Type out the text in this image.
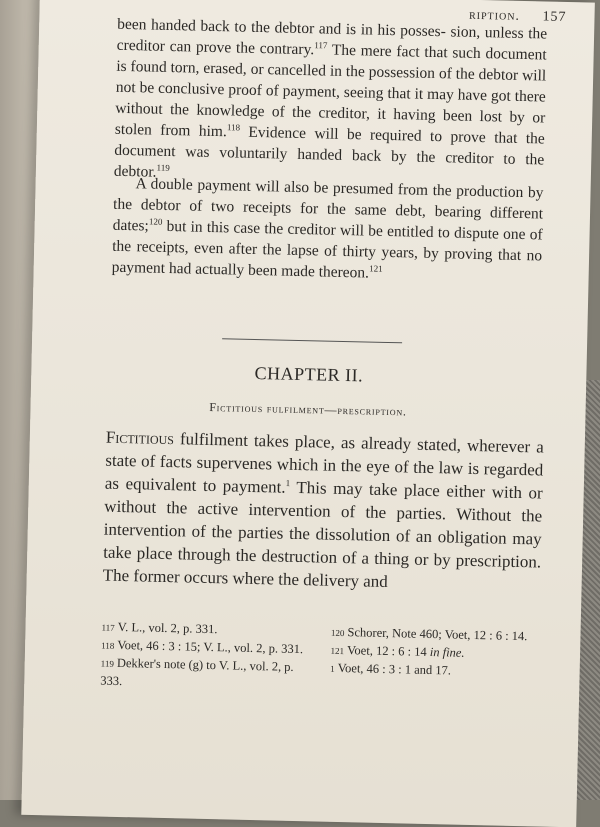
ription. 157
been handed back to the debtor and is in his posses- sion, unless the creditor can prove the contrary.$^{117}$ The mere fact that such document is found torn, erased, or cancelled in the possession of the debtor will not be conclusive proof of payment, seeing that it may have got there without the knowledge of the creditor, it having been lost by or stolen from him.$^{118}$ Evidence will be required to prove that the document was voluntarily handed back by the creditor to the debtor.$^{119}$
A double payment will also be presumed from the production by the debtor of two receipts for the same debt, bearing different dates;$^{120}$ but in this case the creditor will be entitled to dispute one of the receipts, even after the lapse of thirty years, by proving that no payment had actually been made thereon.$^{121}$
CHAPTER II.
Fictitious fulfilment—prescription.
Fictitious fulfilment takes place, as already stated, wherever a state of facts supervenes which in the eye of the law is regarded as equivalent to payment.$^1$ This may take place either with or without the active intervention of the parties. Without the intervention of the parties the dissolution of an obligation may take place through the destruction of a thing or by prescription. The former occurs where the delivery and
117 V. L., vol. 2, p. 331.
118 Voet, 46 : 3 : 15; V. L., vol. 2, p. 331.
119 Dekker's note (g) to V. L., vol. 2, p. 333.
120 Schorer, Note 460; Voet, 12 : 6 : 14.
121 Voet, 12 : 6 : 14 in fine.
1 Voet, 46 : 3 : 1 and 17.
